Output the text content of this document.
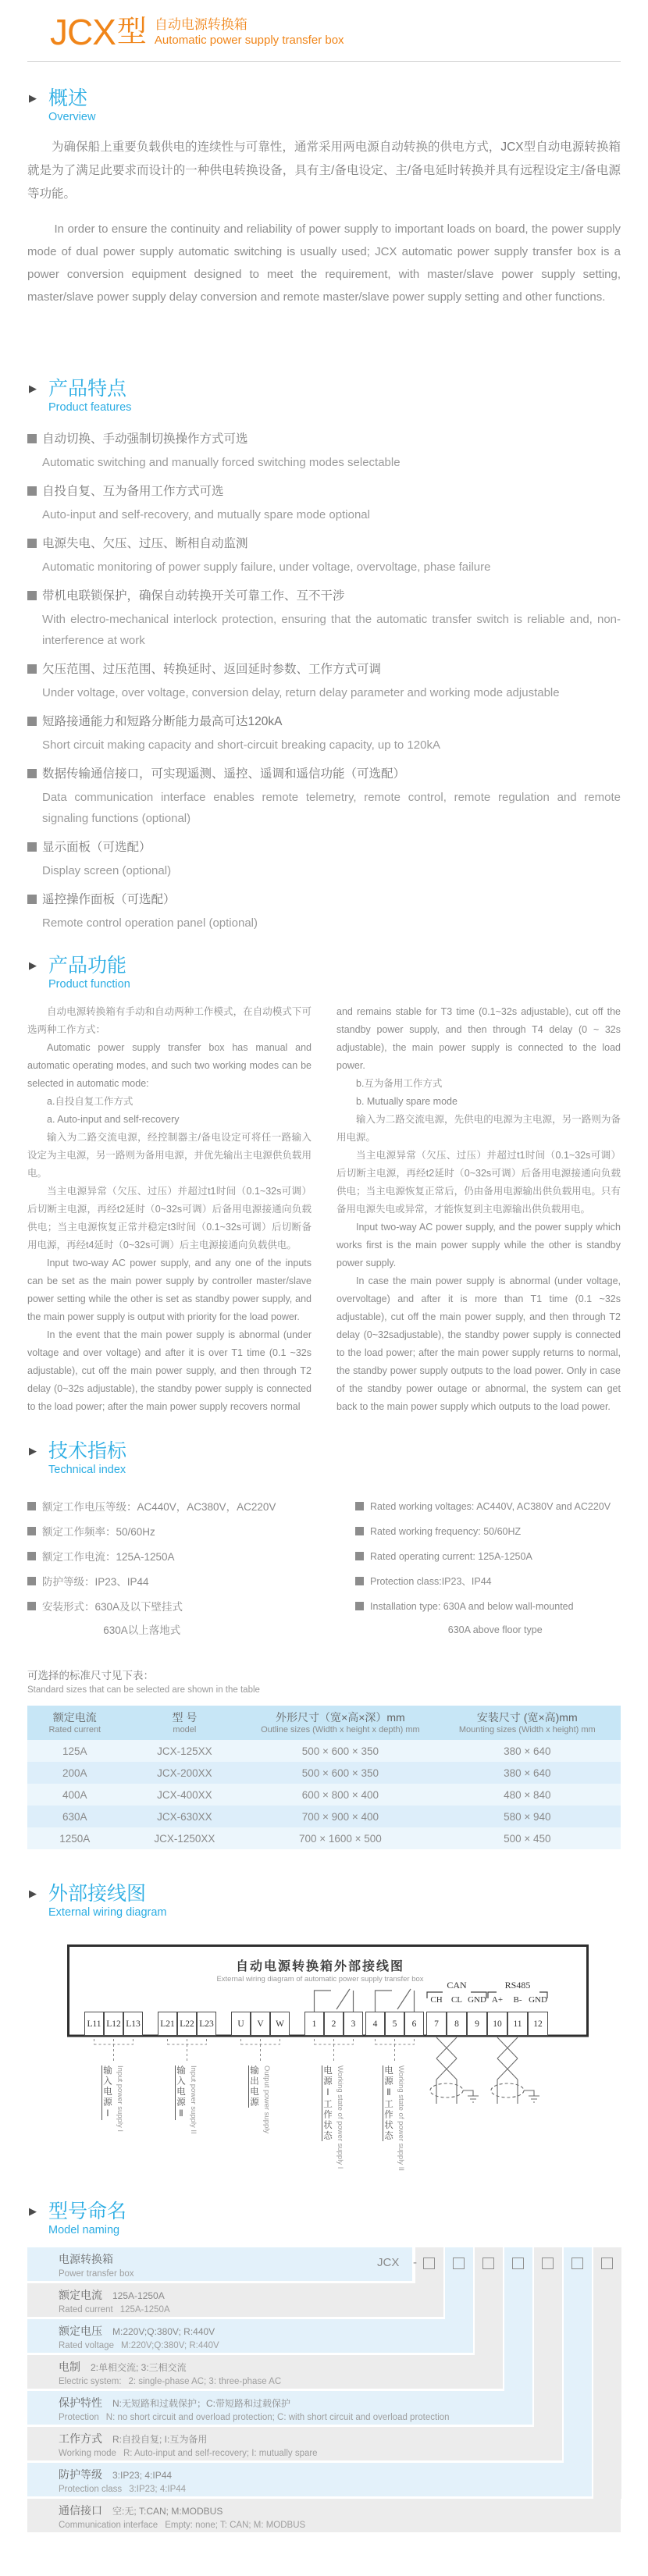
JCX 型 自动电源转换箱
Automatic power supply transfer box
▶ 概述
Overview

为确保船上重要负载供电的连续性与可靠性，通常采用两电源自动转换的供电方式，JCX型自动电源转换箱就是为了满足此要求而设计的一种供电转换设备，具有主/备电设定、主/备电延时转换并具有远程设定主/备电源等功能。

In order to ensure the continuity and reliability of power supply to important loads on board, the power supply mode of dual power supply automatic switching is usually used; JCX automatic power supply transfer box is a power conversion equipment designed to meet the requirement, with master/slave power supply setting, master/slave power supply delay conversion and remote master/slave power supply setting and other functions.

▶ 产品特点
Product features
自动切换、手动强制切换操作方式可选
Automatic switching and manually forced switching modes selectable
自投自复、互为备用工作方式可选
Auto-input and self-recovery, and mutually spare mode optional
电源失电、欠压、过压、断相自动监测
Automatic monitoring of power supply failure, under voltage, overvoltage, phase failure
带机电联锁保护，确保自动转换开关可靠工作、互不干涉
With electro-mechanical interlock protection, ensuring that the automatic transfer switch is reliable and, non-interference at work
欠压范围、过压范围、转换延时、返回延时参数、工作方式可调
Under voltage, over voltage, conversion delay, return delay parameter and working mode adjustable
短路接通能力和短路分断能力最高可达120kA
Short circuit making capacity and short-circuit breaking capacity, up to 120kA
数据传输通信接口，可实现遥测、遥控、遥调和遥信功能（可选配）
Data communication interface enables remote telemetry, remote control, remote regulation and remote signaling functions (optional)
显示面板（可选配）
Display screen (optional)
遥控操作面板（可选配）
Remote control operation panel (optional)
▶ 产品功能
Product function

自动电源转换箱有手动和自动两种工作模式，在自动模式下可选两种工作方式：

Automatic power supply transfer box has manual and automatic operating modes, and such two working modes can be selected in automatic mode:

a.自投自复工作方式

a. Auto-input and self-recovery

输入为二路交流电源，经控制器主/备电设定可将任一路输入设定为主电源，另一路则为备用电源，并优先输出主电源供负载用电。

当主电源异常（欠压、过压）并超过t1时间（0.1~32s可调）后切断主电源，再经t2延时（0~32s可调）后备用电源接通向负载供电；当主电源恢复正常并稳定t3时间（0.1~32s可调）后切断备用电源，再经t4延时（0~32s可调）后主电源接通向负载供电。

Input two-way AC power supply, and any one of the inputs can be set as the main power supply by controller master/slave power setting while the other is set as standby power supply, and the main power supply is output with priority for the load power.

In the event that the main power supply is abnormal (under voltage and over voltage) and after it is over T1 time (0.1 ~32s adjustable), cut off the main power supply, and then through T2 delay (0~32s adjustable), the standby power supply is connected to the load power; after the main power supply recovers normal

and remains stable for T3 time (0.1~32s adjustable), cut off the standby power supply, and then through T4 delay (0 ~ 32s adjustable), the main power supply is connected to the load power.

b.互为备用工作方式

b. Mutually spare mode

输入为二路交流电源，先供电的电源为主电源，另一路则为备用电源。

当主电源异常（欠压、过压）并超过t1时间（0.1~32s可调）后切断主电源，再经t2延时（0~32s可调）后备用电源接通向负载供电；当主电源恢复正常后，仍由备用电源输出供负载用电。只有备用电源失电或异常，才能恢复到主电源输出供负载用电。

Input two-way AC power supply, and the power supply which works first is the main power supply while the other is standby power supply.

In case the main power supply is abnormal (under voltage, overvoltage) and after it is more than T1 time (0.1 ~32s adjustable), cut off the main power supply, and then through T2 delay (0~32sadjustable), the standby power supply is connected to the load power; after the main power supply returns to normal, the standby power supply outputs to the load power. Only in case of the standby power outage or abnormal, the system can get back to the main power supply which outputs to the load power.

▶ 技术指标
Technical index
额定工作电压等级：AC440V，AC380V，AC220V
额定工作频率：50/60Hz
额定工作电流：125A-1250A
防护等级：IP23、IP44
安装形式：630A及以下壁挂式
630A以上落地式
Rated working voltages: AC440V, AC380V and AC220V
Rated working frequency: 50/60HZ
Rated operating current: 125A-1250A
Protection class:IP23、IP44
Installation type: 630A and below wall-mounted
630A above floor type
可选择的标准尺寸见下表：
Standard sizes that can be selected are shown in the table
额定电流
Rated current

型 号
model

外形尺寸（宽×高×深）mm
Outline sizes (Width x height x depth) mm

安装尺寸 (宽×高)mm
Mounting sizes (Width x height) mm

125A	JCX-125XX	500 × 600 × 350	380 × 640
200A	JCX-200XX	500 × 600 × 350	380 × 640
400A	JCX-400XX	600 × 800 × 400	480 × 840
630A	JCX-630XX	700 × 900 × 400	580 × 940
1250A	JCX-1250XX	700 × 1600 × 500	500 × 450
▶ 外部接线图
External wiring diagram
自动电源转换箱外部接线图
External wiring diagram of automatic power supply transfer box
CAN	RS485
CH CL GND A+ B- GND
L11 L12 L13 L21 L22 L23	U	V	W	1	2	3	4	5	6	7	8	9	10	11	12
输入电源Ⅰ Input power supply I	输入电源Ⅱ Input power supply II	输出电源 Output power supply	电源Ⅰ工作状态 Working state of power supply I	电源Ⅱ工作状态 Working state of power supply II
▶ 型号命名
Model naming
电源转换箱
Power transfer box
额定电流 125A-1250A
Rated current 125A-1250A
额定电压 M:220V;Q:380V; R:440V
Rated voltage M:220V;Q:380V; R:440V
电制 2:单相交流; 3:三相交流
Electric system: 2: single-phase AC; 3: three-phase AC
保护特性 N:无短路和过载保护；C:带短路和过载保护
Protection N: no short circuit and overload protection; C: with short circuit and overload protection
工作方式 R:自投自复; I:互为备用
Working mode R: Auto-input and self-recovery; I: mutually spare
防护等级 3:IP23; 4:IP44
Protection class 3:IP23; 4:IP44
通信接口 空:无; T:CAN; M:MODBUS
Communication interface Empty: none; T: CAN; M: MODBUS
JCX -
